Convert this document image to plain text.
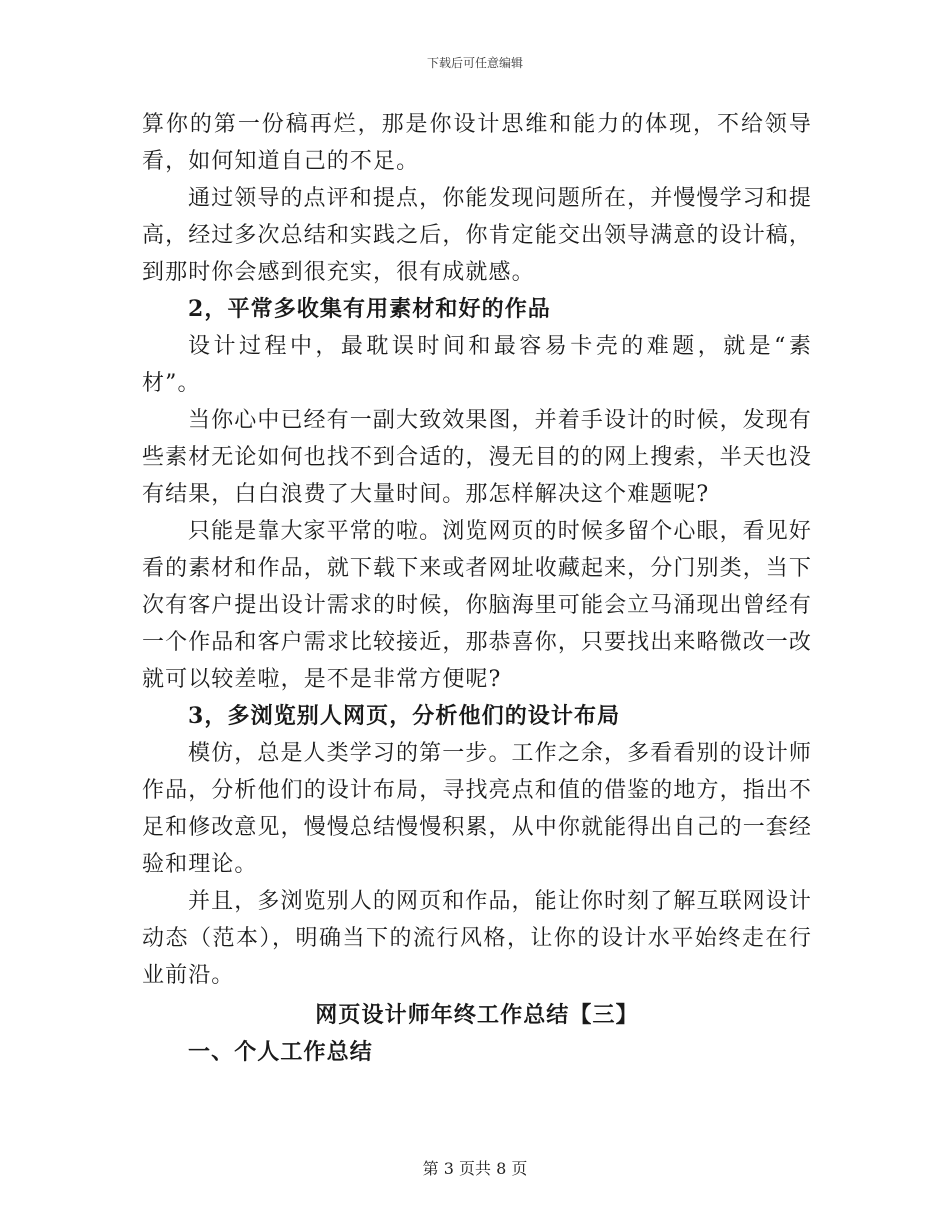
下载后可任意编辑

算你的第一份稿再烂，那是你设计思维和能力的体现，不给领导看，如何知道自己的不足。

通过领导的点评和提点，你能发现问题所在，并慢慢学习和提高，经过多次总结和实践之后，你肯定能交出领导满意的设计稿，到那时你会感到很充实，很有成就感。

2，平常多收集有用素材和好的作品

设计过程中，最耽误时间和最容易卡壳的难题，就是“素材”。

当你心中已经有一副大致效果图，并着手设计的时候，发现有些素材无论如何也找不到合适的，漫无目的的网上搜索，半天也没有结果，白白浪费了大量时间。那怎样解决这个难题呢?

只能是靠大家平常的啦。浏览网页的时候多留个心眼，看见好看的素材和作品，就下载下来或者网址收藏起来，分门别类，当下次有客户提出设计需求的时候，你脑海里可能会立马涌现出曾经有一个作品和客户需求比较接近，那恭喜你，只要找出来略微改一改就可以较差啦，是不是非常方便呢?

3，多浏览别人网页，分析他们的设计布局

模仿，总是人类学习的第一步。工作之余，多看看别的设计师作品，分析他们的设计布局，寻找亮点和值的借鉴的地方，指出不足和修改意见，慢慢总结慢慢积累，从中你就能得出自己的一套经验和理论。

并且，多浏览别人的网页和作品，能让你时刻了解互联网设计动态（范本），明确当下的流行风格，让你的设计水平始终走在行业前沿。

网页设计师年终工作总结【三】

一、个人工作总结

第 3 页共 8 页
